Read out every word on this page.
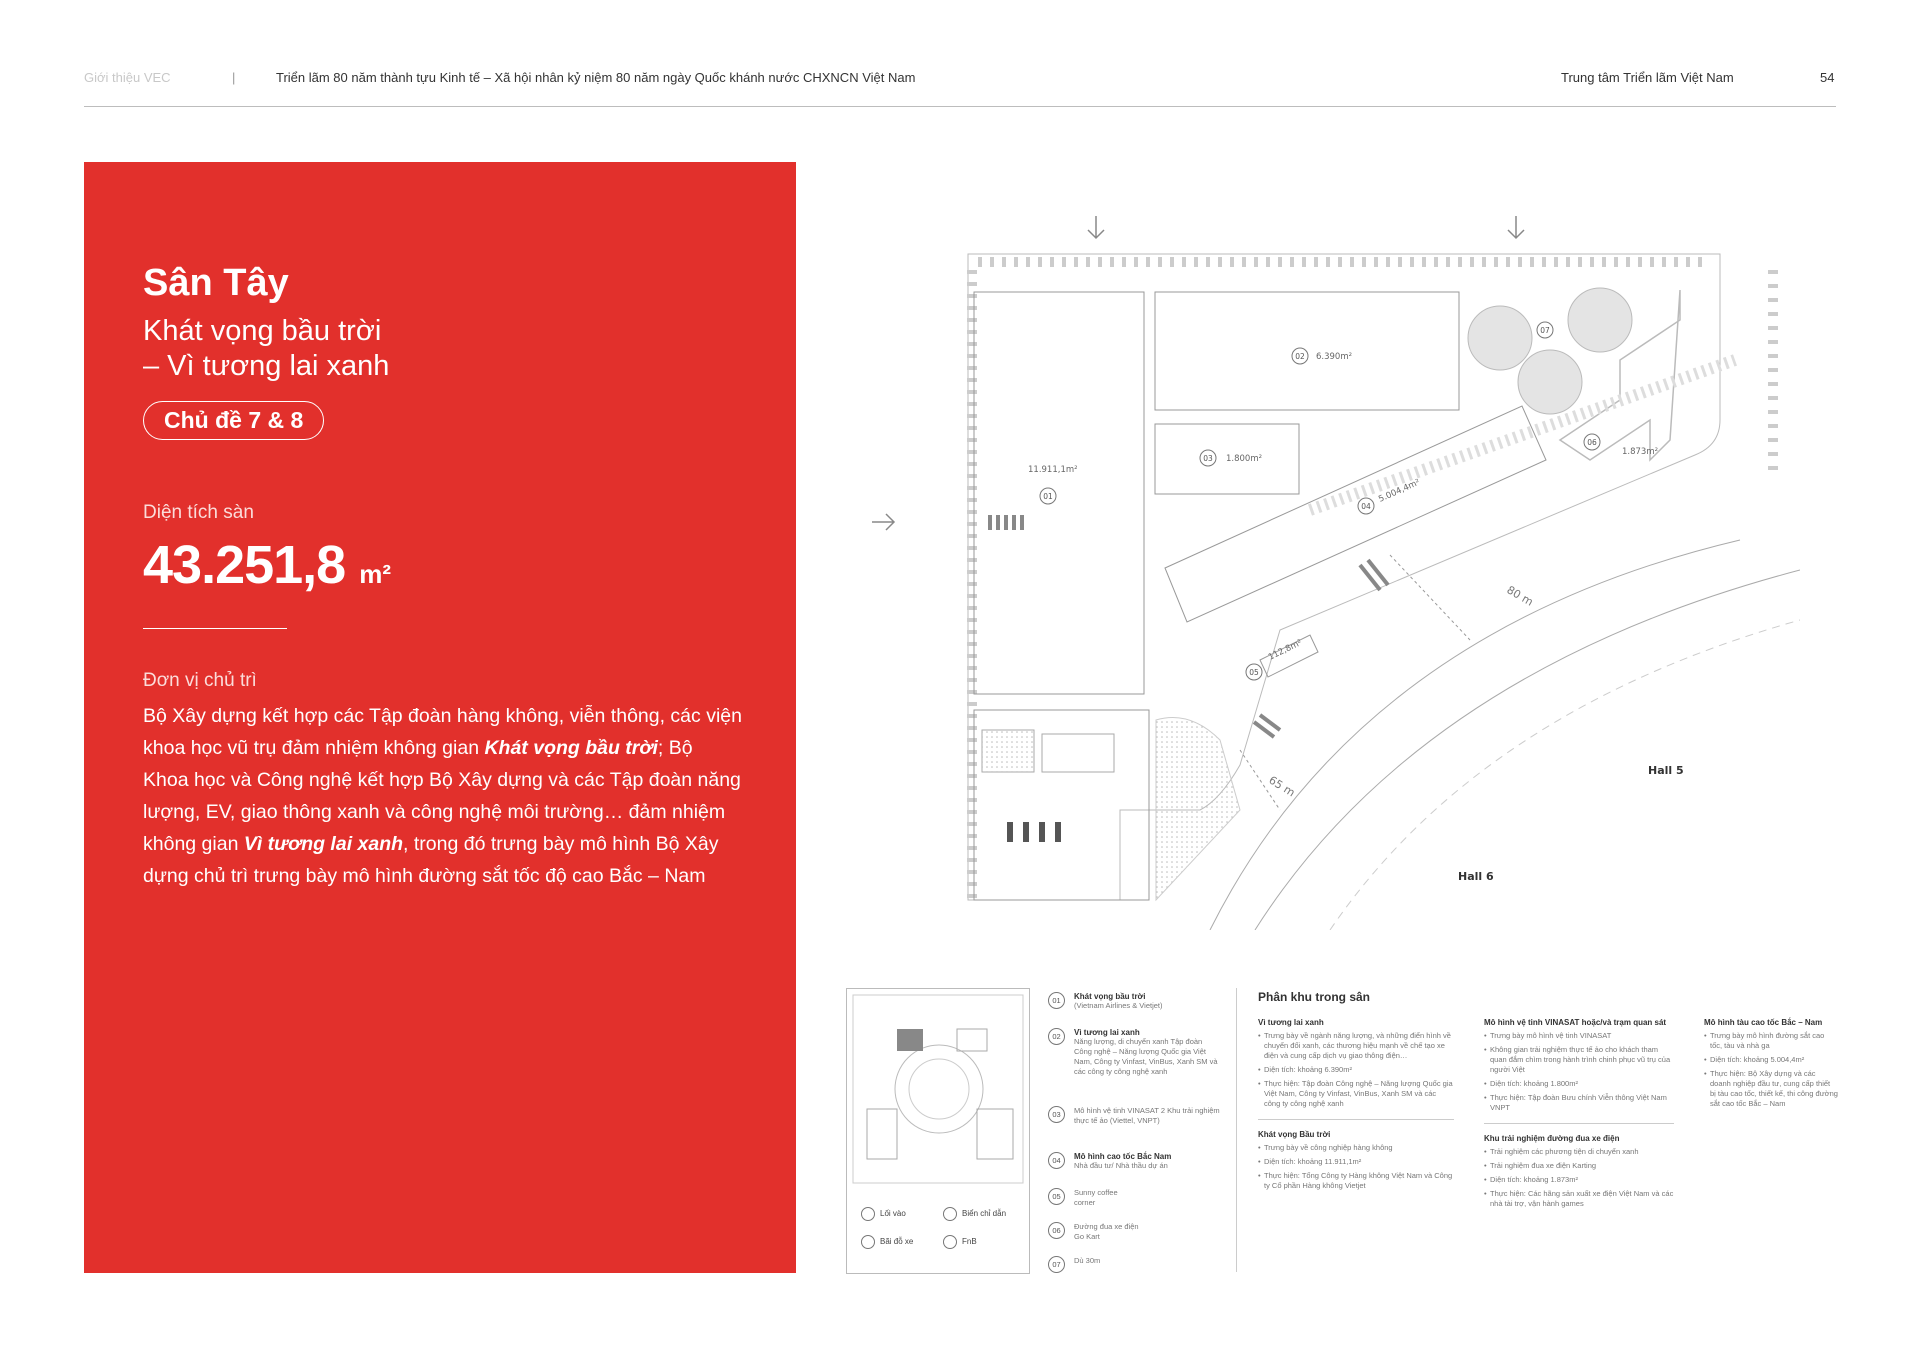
Giới thiệu VEC	|	Triển lãm 80 năm thành tựu Kinh tế – Xã hội nhân kỷ niệm 80 năm ngày Quốc khánh nước CHXNCN Việt Nam	Trung tâm Triển lãm Việt Nam	54
Sân Tây
Khát vọng bầu trời
– Vì tương lai xanh
Chủ đề 7 & 8
Diện tích sàn
43.251,8 m²
Đơn vị chủ trì
Bộ Xây dựng kết hợp các Tập đoàn hàng không, viễn thông, các viện khoa học vũ trụ đảm nhiệm không gian Khát vọng bầu trời; Bộ Khoa học và Công nghệ kết hợp Bộ Xây dựng và các Tập đoàn năng lượng, EV, giao thông xanh và công nghệ môi trường… đảm nhiệm không gian Vì tương lai xanh, trong đó trưng bày mô hình Bộ Xây dựng chủ trì trưng bày mô hình đường sắt tốc độ cao Bắc – Nam
01
02
03
04
05
06
07
11.911,1m²
6.390m²
1.800m²
5.004,4m²
112,8m²
1.873m²
80 m
65 m
Hall 5
Hall 6
Lối vào	Biển chỉ dẫn
Bãi đỗ xe	FnB
01	Khát vọng bầu trời
(Vietnam Airlines & Vietjet)
02	Vì tương lai xanh
Năng lượng, di chuyển xanh Tập đoàn Công nghệ – Năng lượng Quốc gia Việt Nam, Công ty Vinfast, VinBus, Xanh SM và các công ty công nghệ xanh
03	Mô hình vệ tinh VINASAT 2 Khu trải nghiệm thực tế ảo (Viettel, VNPT)
04	Mô hình cao tốc Bắc Nam
Nhà đầu tư/ Nhà thầu dự án
05	Sunny coffee corner
06	Đường đua xe điện Go Kart
07	Dù 30m
Phân khu trong sân
Vì tương lai xanh
• Trưng bày về ngành năng lượng, và những điển hình về chuyển đổi xanh, các thương hiệu mạnh về chế tạo xe điện và cung cấp dịch vụ giao thông điện…
• Diện tích: khoảng 6.390m²
• Thực hiện: Tập đoàn Công nghệ – Năng lượng Quốc gia Việt Nam, Công ty Vinfast, VinBus, Xanh SM và các công ty công nghệ xanh
Khát vọng Bầu trời
• Trưng bày về công nghiệp hàng không
• Diện tích: khoảng 11.911,1m²
• Thực hiện: Tổng Công ty Hàng không Việt Nam và Công ty Cổ phần Hàng không Vietjet
Mô hình vệ tinh VINASAT hoặc/và trạm quan sát
• Trưng bày mô hình vệ tinh VINASAT
• Không gian trải nghiệm thực tế ảo cho khách tham quan đắm chìm trong hành trình chinh phục vũ trụ của người Việt
• Diện tích: khoảng 1.800m²
• Thực hiện: Tập đoàn Bưu chính Viễn thông Việt Nam VNPT
Khu trải nghiệm đường đua xe điện
• Trải nghiệm các phương tiện di chuyển xanh
• Trải nghiệm đua xe điện Karting
• Diện tích: khoảng 1.873m²
• Thực hiện: Các hãng sản xuất xe điện Việt Nam và các nhà tài trợ, vận hành games
Mô hình tàu cao tốc Bắc – Nam
• Trưng bày mô hình đường sắt cao tốc, tàu và nhà ga
• Diện tích: khoảng 5.004,4m²
• Thực hiện: Bộ Xây dựng và các doanh nghiệp đầu tư, cung cấp thiết bị tàu cao tốc, thiết kế, thi công đường sắt cao tốc Bắc – Nam
